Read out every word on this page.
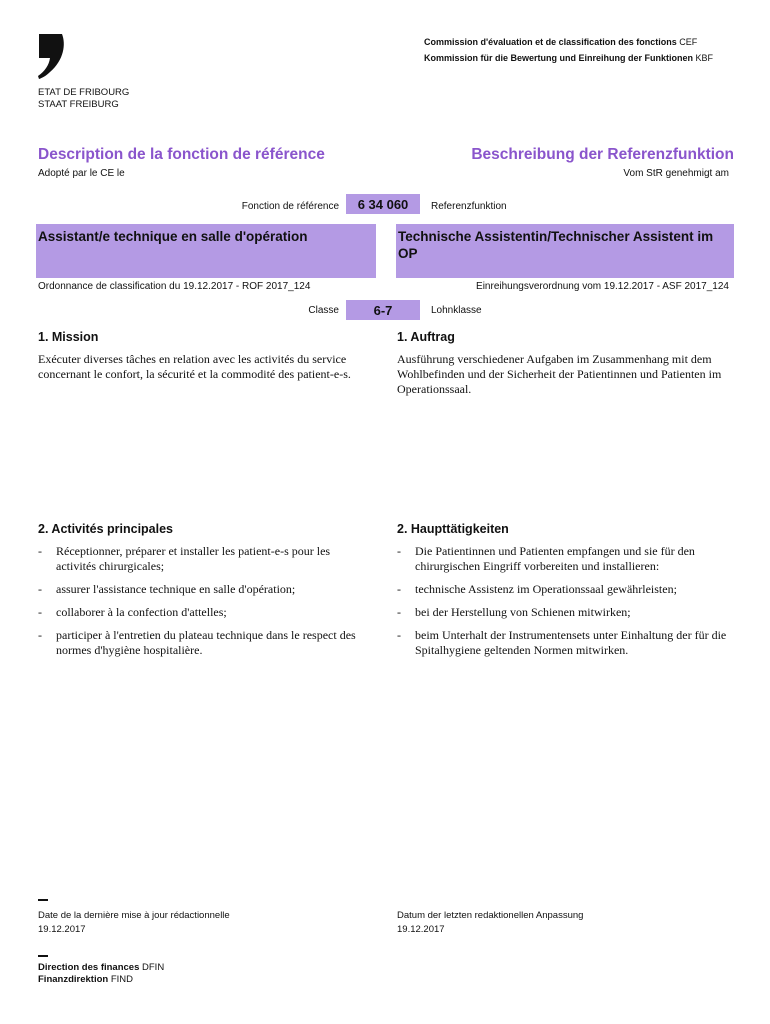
ETAT DE FRIBOURG
STAAT FREIBURG
Commission d'évaluation et de classification des fonctions CEF
Kommission für die Bewertung und Einreihung der Funktionen KBF
Description de la fonction de référence	Beschreibung der Referenzfunktion
Adopté par le CE le	Vom StR genehmigt am
Fonction de référence	6 34 060	Referenzfunktion
Assistant/e technique en salle d'opération	Technische Assistentin/Technischer Assistent im OP
Ordonnance de classification du 19.12.2017 - ROF 2017_124	Einreihungsverordnung vom 19.12.2017 - ASF 2017_124
Classe	6-7	Lohnklasse
1. Mission	1. Auftrag
Exécuter diverses tâches en relation avec les activités du service concernant le confort, la sécurité et la commodité des patient-e-s.
Ausführung verschiedener Aufgaben im Zusammenhang mit dem Wohlbefinden und der Sicherheit der Patientinnen und Patienten im Operationssaal.
2. Activités principales	2. Haupttätigkeiten
- Réceptionner, préparer et installer les patient-e-s pour les activités chirurgicales;
- assurer l'assistance technique en salle d'opération;
- collaborer à la confection d'attelles;
- participer à l'entretien du plateau technique dans le respect des normes d'hygiène hospitalière.
- Die Patientinnen und Patienten empfangen und sie für den chirurgischen Eingriff vorbereiten und installieren:
- technische Assistenz im Operationssaal gewährleisten;
- bei der Herstellung von Schienen mitwirken;
- beim Unterhalt der Instrumentensets unter Einhaltung der für die Spitalhygiene geltenden Normen mitwirken.
Date de la dernière mise à jour rédactionnelle
19.12.2017
Datum der letzten redaktionellen Anpassung
19.12.2017
Direction des finances DFIN
Finanzdirektion FIND
